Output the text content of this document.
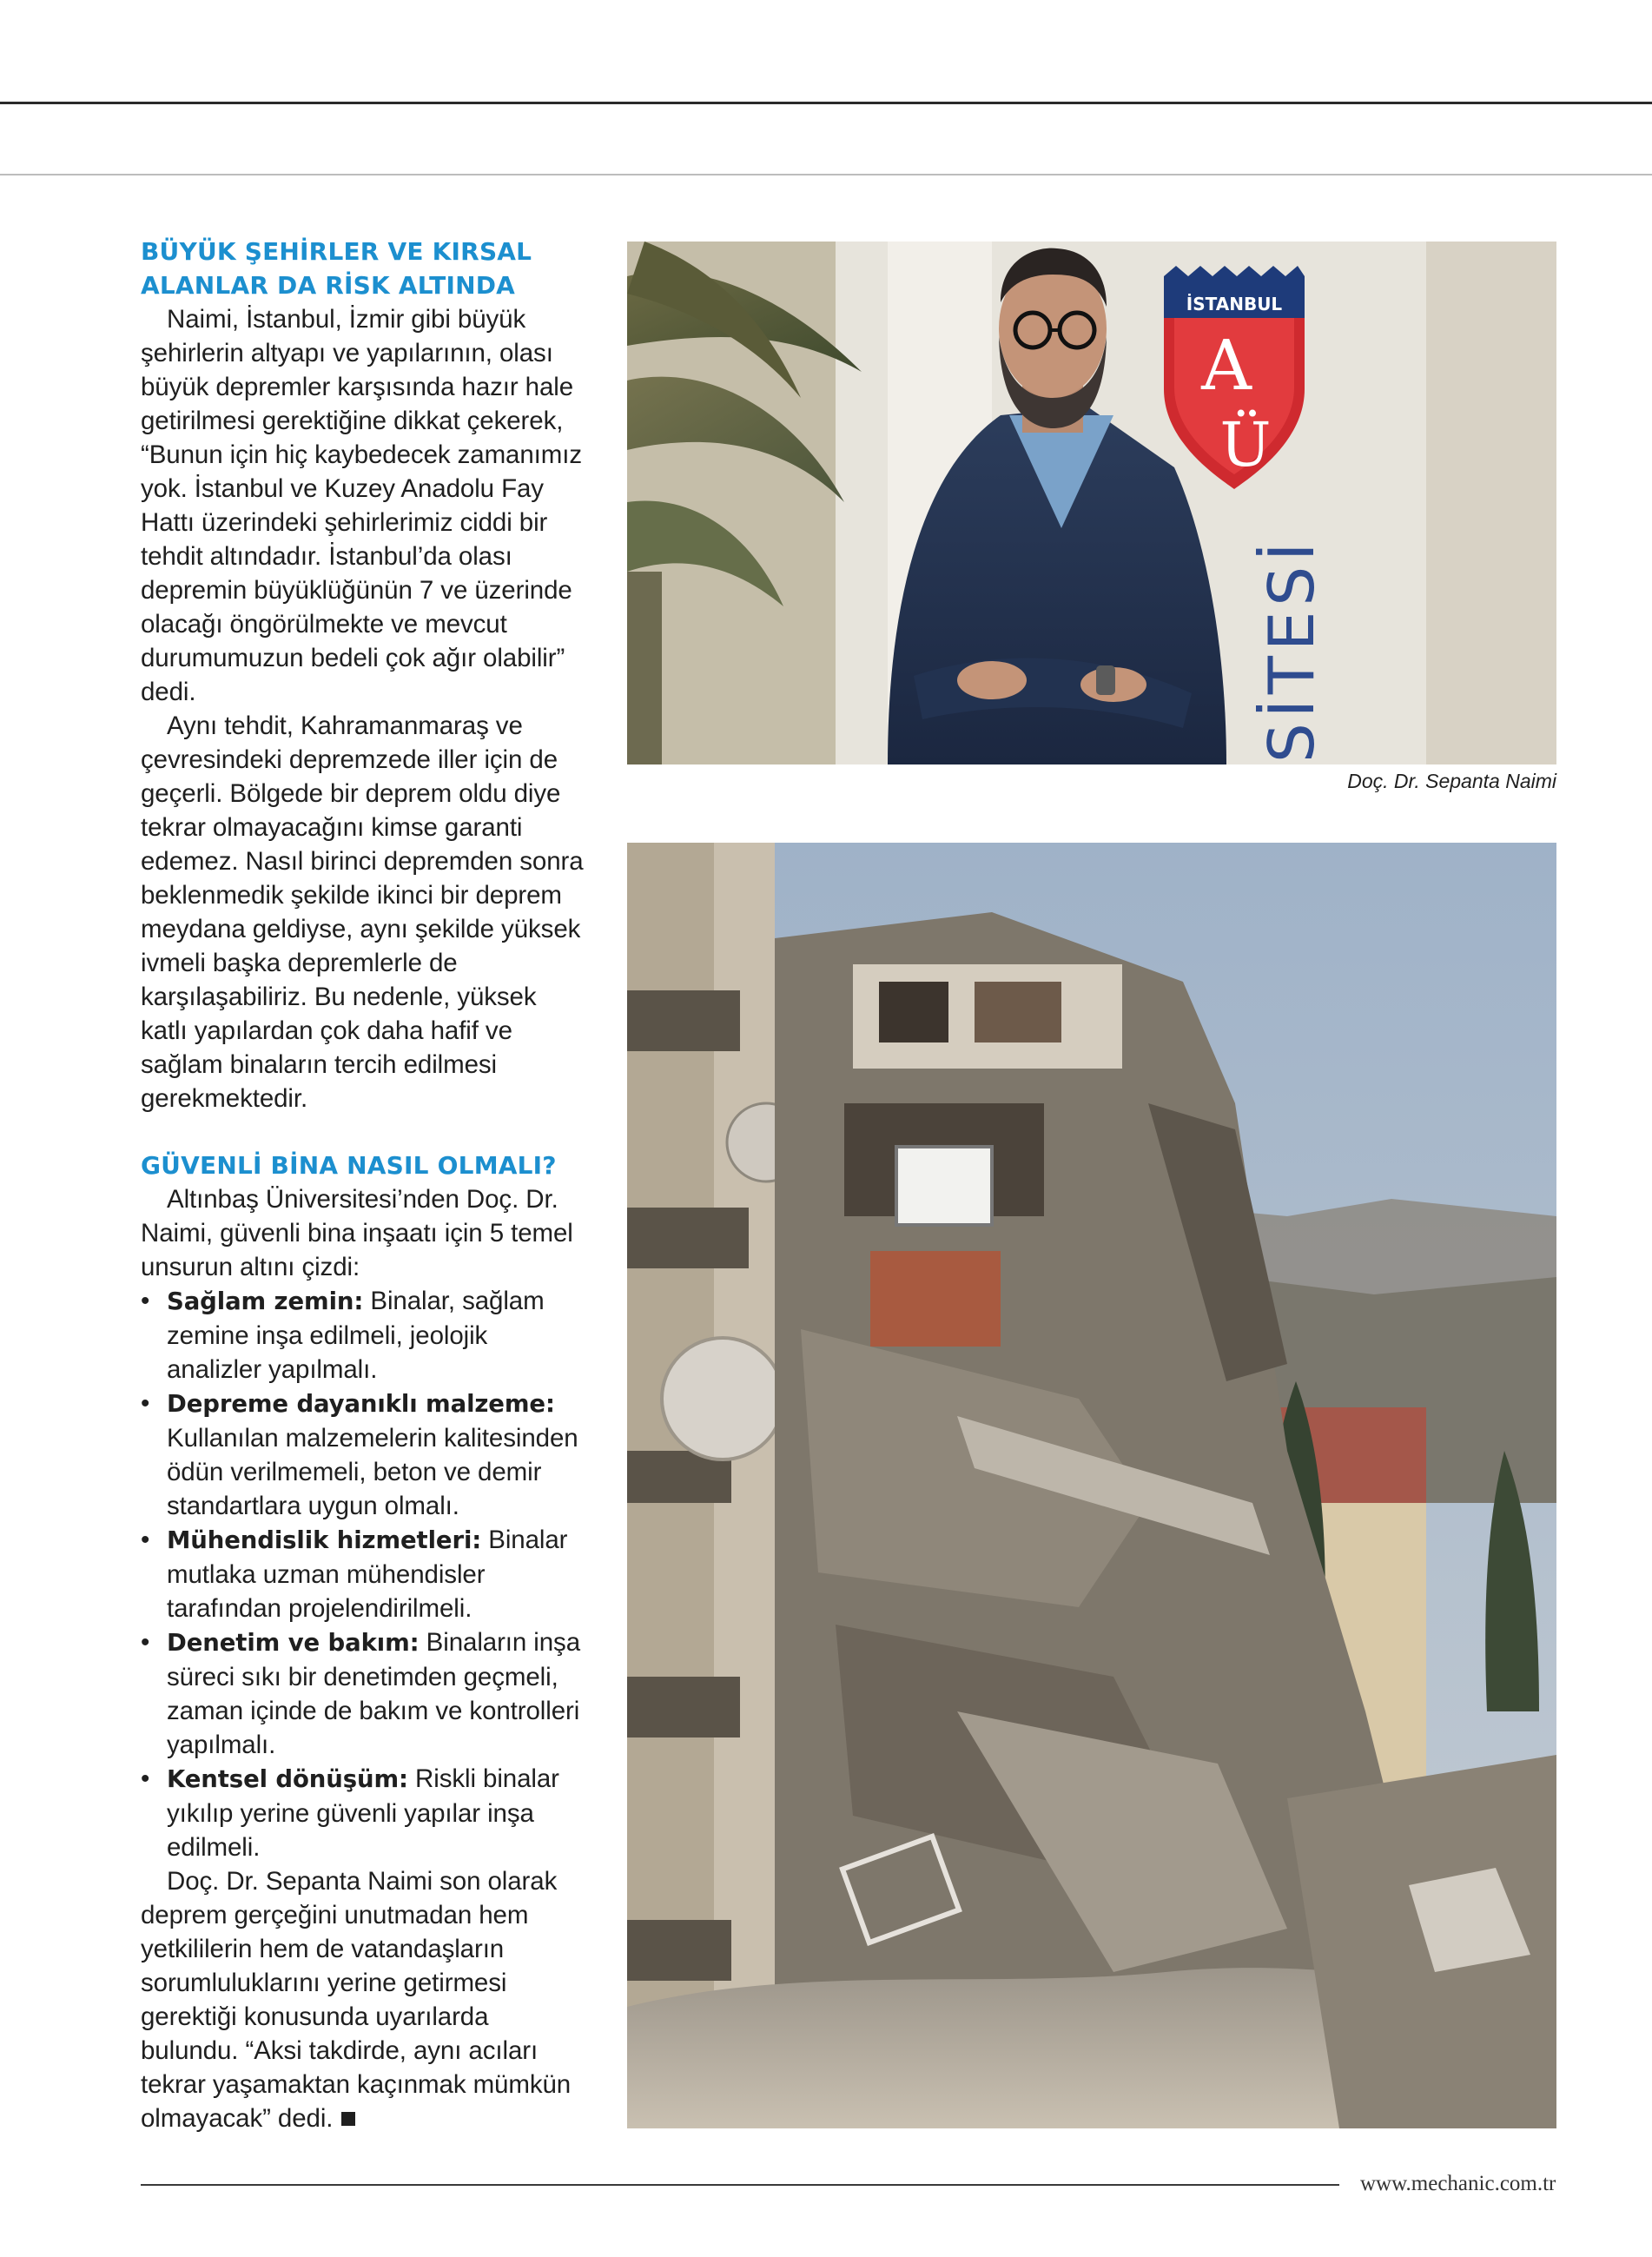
BÜYÜK ŞEHİRLER VE KIRSAL ALANLAR DA RİSK ALTINDA

Naimi, İstanbul, İzmir gibi büyük şehirlerin altyapı ve yapılarının, olası büyük depremler karşısında hazır hale getirilmesi gerektiğine dikkat çekerek, “Bunun için hiç kaybedecek zamanımız yok. İstanbul ve Kuzey Anadolu Fay Hattı üzerindeki şehirlerimiz ciddi bir tehdit altındadır. İstanbul’da olası depremin büyüklüğünün 7 ve üzerinde olacağı öngörülmekte ve mevcut durumumuzun bedeli çok ağır olabilir” dedi.

Aynı tehdit, Kahramanmaraş ve çevresindeki depremzede iller için de geçerli. Bölgede bir deprem oldu diye tekrar olmayacağını kimse garanti edemez. Nasıl birinci depremden sonra beklenmedik şekilde ikinci bir deprem meydana geldiyse, aynı şekilde yüksek ivmeli başka depremlerle de karşılaşabiliriz. Bu nedenle, yüksek katlı yapılardan çok daha hafif ve sağlam binaların tercih edilmesi gerekmektedir.

GÜVENLİ BİNA NASIL OLMALI?

Altınbaş Üniversitesi’nden Doç. Dr. Naimi, güvenli bina inşaatı için 5 temel unsurun altını çizdi:

• Sağlam zemin: Binalar, sağlam zemine inşa edilmeli, jeolojik analizler yapılmalı.
• Depreme dayanıklı malzeme: Kullanılan malzemelerin kalitesinden ödün verilmemeli, beton ve demir standartlara uygun olmalı.
• Mühendislik hizmetleri: Binalar mutlaka uzman mühendisler tarafından projelendirilmeli.
• Denetim ve bakım: Binaların inşa süreci sıkı bir denetimden geçmeli, zaman içinde de bakım ve kontrolleri yapılmalı.
• Kentsel dönüşüm: Riskli binalar yıkılıp yerine güvenli yapılar inşa edilmeli.

Doç. Dr. Sepanta Naimi son olarak deprem gerçeğini unutmadan hem yetkililerin hem de vatandaşların sorumluluklarını yerine getirmesi gerektiği konusunda uyarılarda bulundu. “Aksi takdirde, aynı acıları tekrar yaşamaktan kaçınmak mümkün olmayacak” dedi.

İSTANBUL
A
Ü
SİTESİ
Doç. Dr. Sepanta Naimi
www.mechanic.com.tr
